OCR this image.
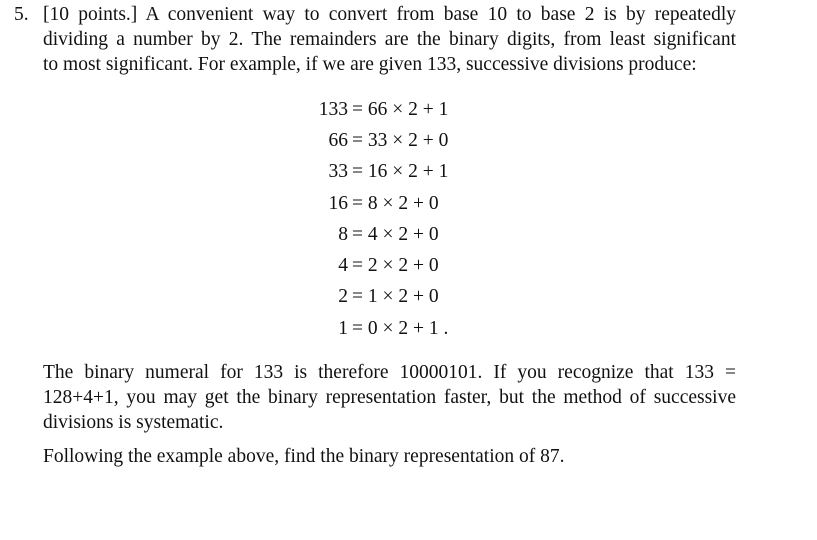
5. [10 points.] A convenient way to convert from base 10 to base 2 is by repeatedly
dividing a number by 2. The remainders are the binary digits, from least significant
to most significant. For example, if we are given 133, successive divisions produce:

133	= 66 × 2 + 1
66	= 33 × 2 + 0
33	= 16 × 2 + 1
16	= 8 × 2 + 0
8	= 4 × 2 + 0
4	= 2 × 2 + 0
2	= 1 × 2 + 0
1	= 0 × 2 + 1 .

The binary numeral for 133 is therefore 10000101. If you recognize that 133 =
128+4+1, you may get the binary representation faster, but the method of successive
divisions is systematic.

Following the example above, find the binary representation of 87.
